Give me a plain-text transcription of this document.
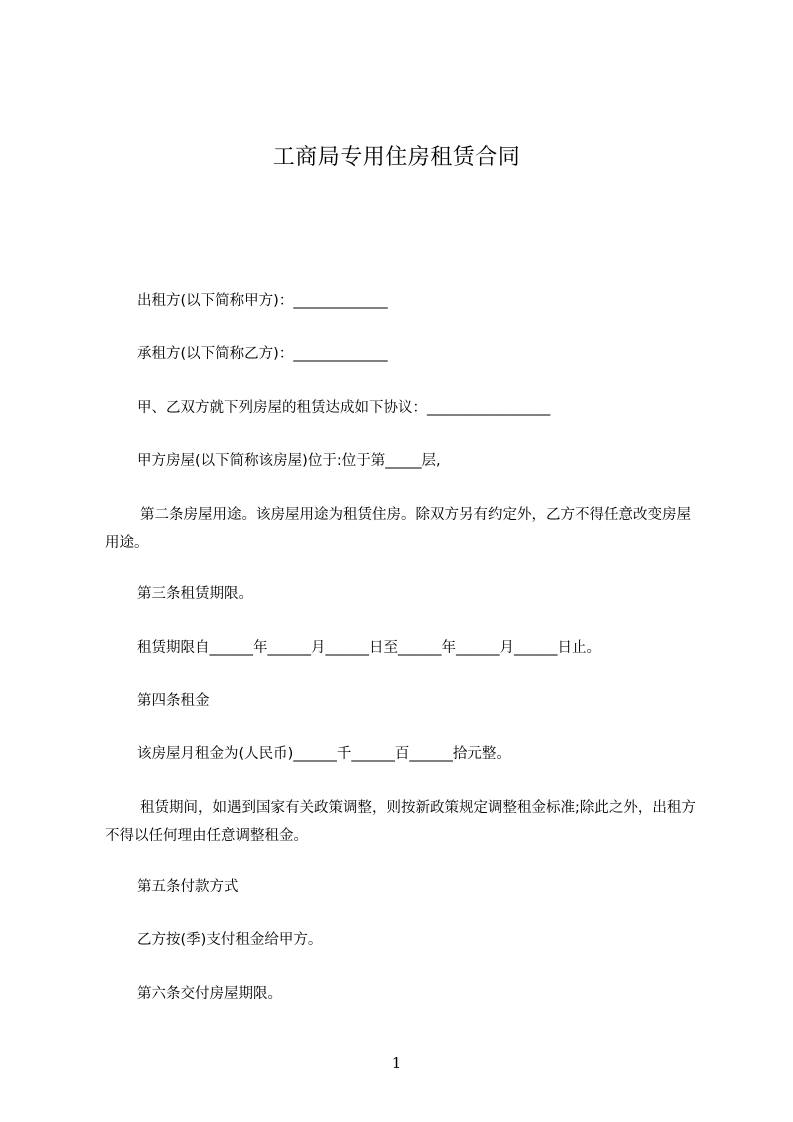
工商局专用住房租赁合同

出租方(以下简称甲方)：_____________

承租方(以下简称乙方)：_____________

甲、乙双方就下列房屋的租赁达成如下协议：_________________

甲方房屋(以下简称该房屋)位于:位于第_____层,

第二条房屋用途。该房屋用途为租赁住房。除双方另有约定外，乙方不得任意改变房屋用途。

第三条租赁期限。

租赁期限自______年______月______日至______年______月______日止。

第四条租金

该房屋月租金为(人民币)______千______百______拾元整。

租赁期间，如遇到国家有关政策调整，则按新政策规定调整租金标准;除此之外，出租方不得以任何理由任意调整租金。

第五条付款方式

乙方按(季)支付租金给甲方。

第六条交付房屋期限。

1
